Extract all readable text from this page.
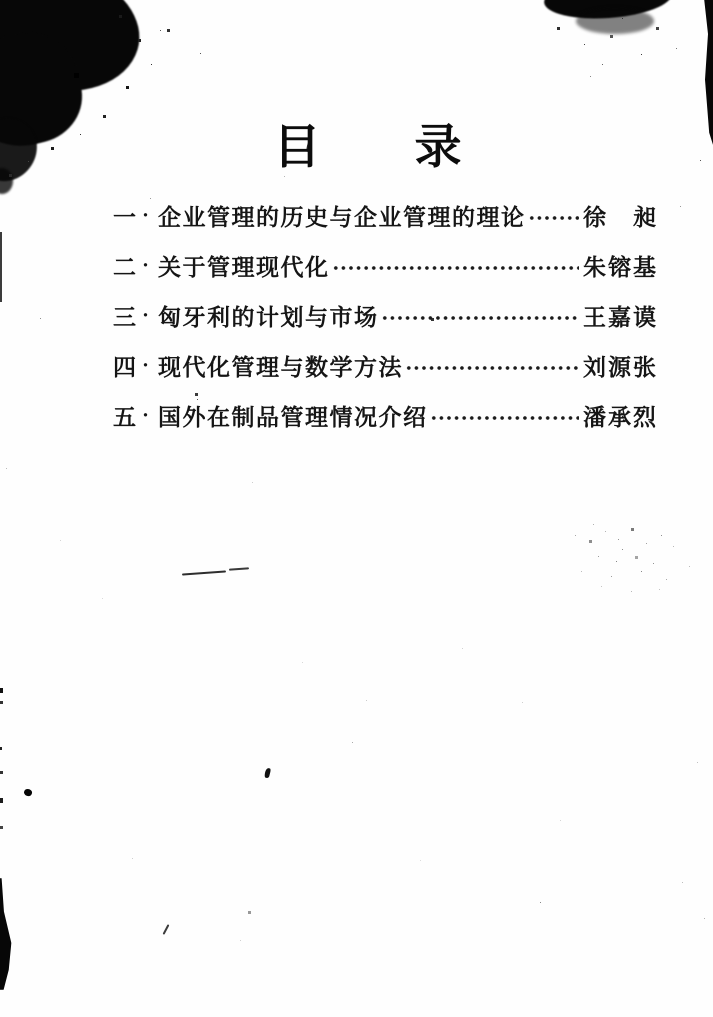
目 录
一 · 企业管理的历史与企业管理的理论 徐　昶
二 · 关于管理现代化	朱镕基
三 · 匈牙利的计划与市场	王嘉谟
四 · 现代化管理与数学方法	刘源张
五 · 国外在制品管理情况介绍	潘承烈
